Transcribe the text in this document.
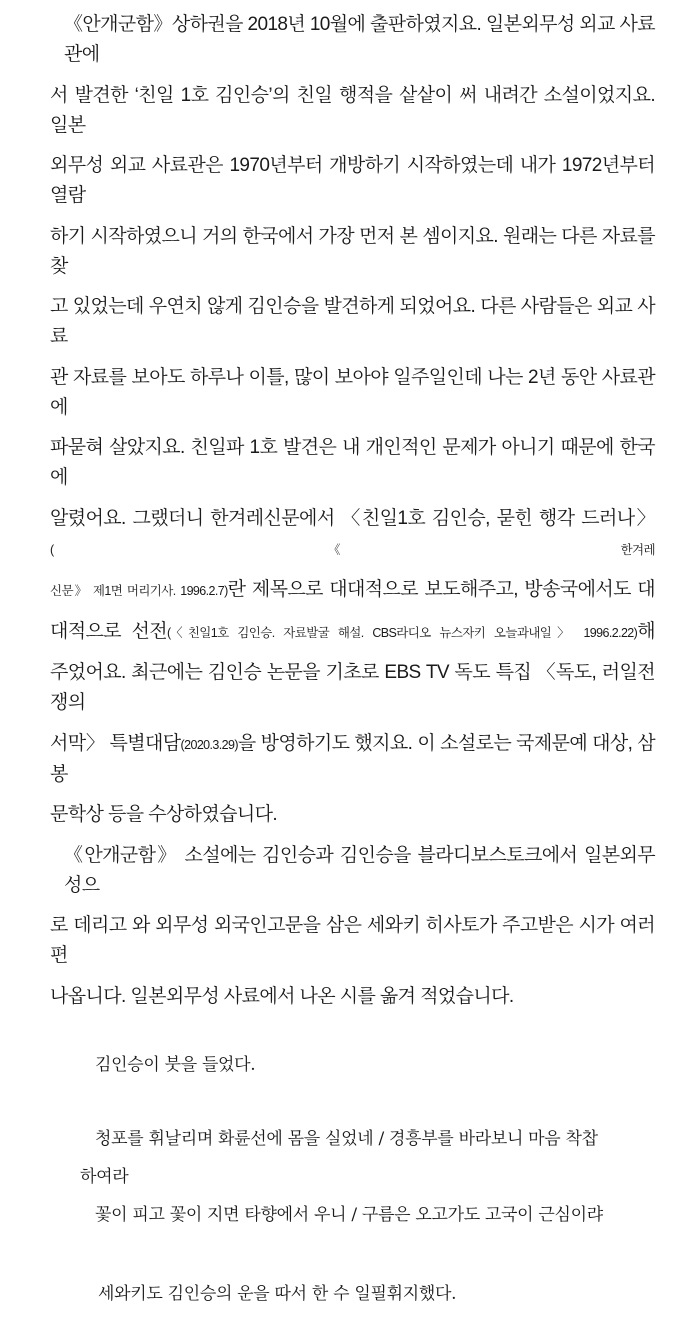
《안개군함》상하권을 2018년 10월에 출판하였지요. 일본외무성 외교 사료관에
서 발견한 ‘친일 1호 김인승’의 친일 행적을 샅샅이 써 내려간 소설이었지요. 일본
외무성 외교 사료관은 1970년부터 개방하기 시작하였는데 내가 1972년부터 열람
하기 시작하였으니 거의 한국에서 가장 먼저 본 셈이지요. 원래는 다른 자료를 찾
고 있었는데 우연치 않게 김인승을 발견하게 되었어요. 다른 사람들은 외교 사료
관 자료를 보아도 하루나 이틀, 많이 보아야 일주일인데 나는 2년 동안 사료관에
파묻혀 살았지요. 친일파 1호 발견은 내 개인적인 문제가 아니기 때문에 한국에
알렸어요. 그랬더니 한겨레신문에서 〈친일1호 김인승, 묻힌 행각 드러나〉(《한겨레
신문》 제1면 머리기사. 1996.2.7)란 제목으로 대대적으로 보도해주고, 방송국에서도 대
대적으로 선전(〈친일1호 김인승. 자료발굴 해설. CBS라디오 뉴스자키 오늘과내일〉 1996.2.22)해
주었어요. 최근에는 김인승 논문을 기초로 EBS TV 독도 특집 〈독도, 러일전쟁의
서막〉 특별대담(2020.3.29)을 방영하기도 했지요. 이 소설로는 국제문예 대상, 삼봉
문학상 등을 수상하였습니다.
《안개군함》 소설에는 김인승과 김인승을 블라디보스토크에서 일본외무성으
로 데리고 와 외무성 외국인고문을 삼은 세와키 히사토가 주고받은 시가 여러 편
나옵니다. 일본외무성 사료에서 나온 시를 옮겨 적었습니다.
김인승이 붓을 들었다.
청포를 휘날리며 화륜선에 몸을 실었네 / 경흥부를 바라보니 마음 착찹
하여라
꽃이 피고 꽃이 지면 타향에서 우니 / 구름은 오고가도 고국이 근심이랴
세와키도 김인승의 운을 따서 한 수 일필휘지했다.
